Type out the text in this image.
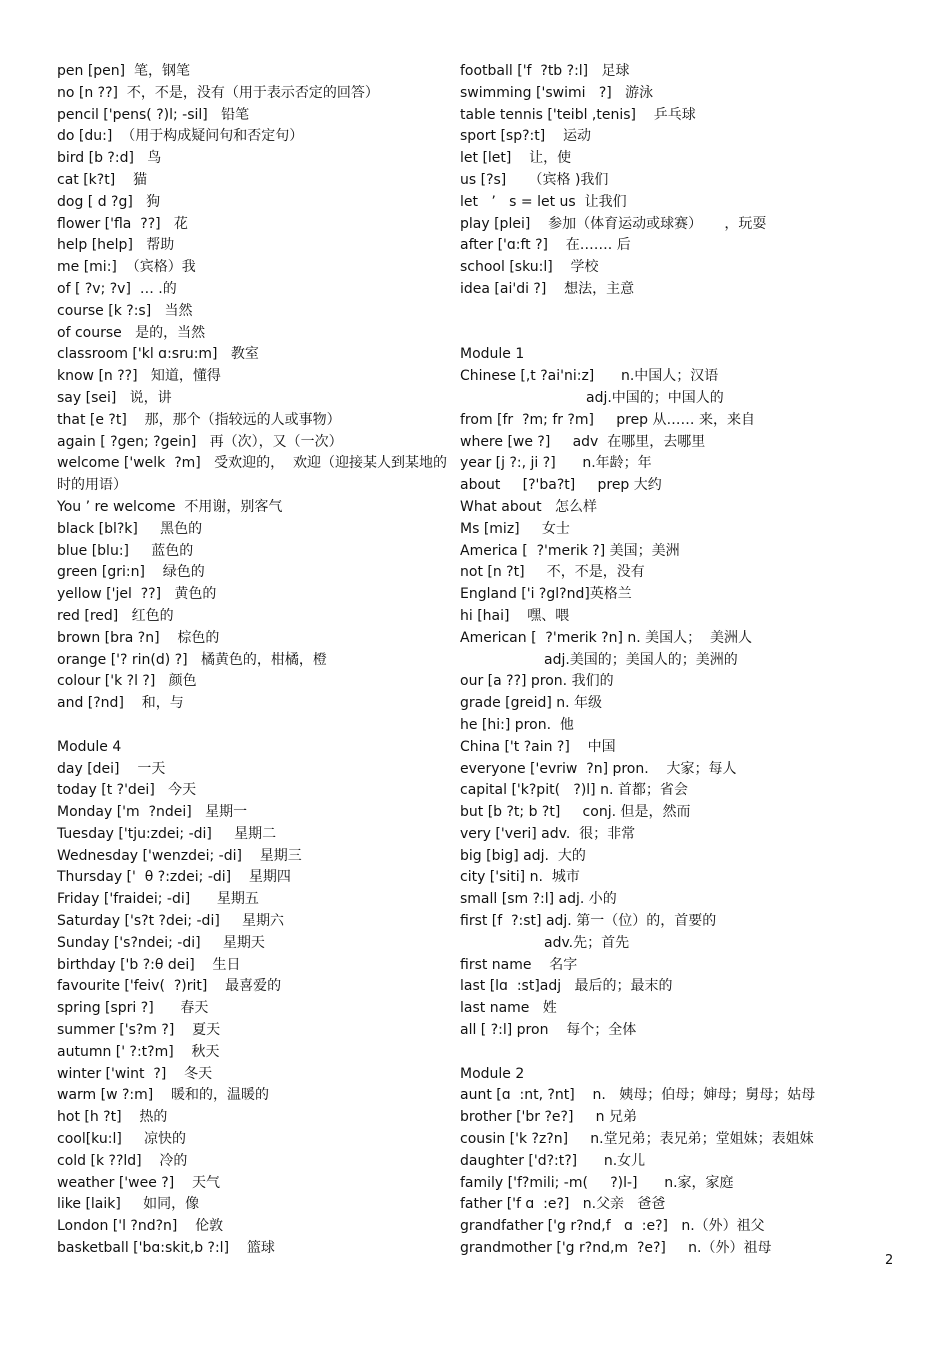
pen [pen]  笔，钢笔
no [n ??]  不，不是，没有（用于表示否定的回答）
pencil ['pens( ?)l; -sil]   铅笔
do [du:]  （用于构成疑问句和否定句）
bird [b ?:d]   鸟
cat [k?t]    猫
dog [ d ?g]   狗
flower ['fla  ??]   花
help [help]   帮助
me [mi:]  （宾格）我
of [ ?v; ?v]  … .的
course [k ?:s]   当然
of course   是的，当然
classroom ['kl ɑ:sru:m]   教室
know [n ??]   知道，懂得
say [sei]   说，讲
that [e ?t]    那，那个（指较远的人或事物）
again [ ?gen; ?gein]   再（次），又（一次）
welcome ['welk  ?m]   受欢迎的，  欢迎（迎接某人到某地的时的用语）
You ’ re welcome  不用谢，别客气
black [bl?k]     黑色的
blue [blu:]     蓝色的
green [gri:n]    绿色的
yellow ['jel  ??]   黄色的
red [red]   红色的
brown [bra ?n]    棕色的
orange ['? rin(d) ?]   橘黄色的，柑橘，橙
colour ['k ?l ?]   颜色
and [?nd]    和，与
Module 4
day [dei]    一天
today [t ?'dei]   今天
Monday ['m  ?ndei]   星期一
Tuesday ['tju:zdei; -di]     星期二
Wednesday ['wenzdei; -di]    星期三
Thursday ['  θ ?:zdei; -di]    星期四
Friday ['fraidei; -di]      星期五
Saturday ['s?t ?dei; -di]     星期六
Sunday ['s?ndei; -di]     星期天
birthday ['b ?:θ dei]    生日
favourite ['feiv(  ?)rit]    最喜爱的
spring [spri ?]      春天
summer ['s?m ?]    夏天
autumn [' ?:t?m]    秋天
winter ['wint  ?]    冬天
warm [w ?:m]    暖和的，温暖的
hot [h ?t]    热的
cool[ku:l]     凉快的
cold [k ??ld]    冷的
weather ['wee ?]    天气
like [laik]     如同，像
London ['l ?nd?n]    伦敦
basketball ['bɑ:skit,b ?:l]    篮球
football ['f  ?tb ?:l]   足球
swimming ['swimi   ?]   游泳
table tennis ['teibl ,tenis]    乒乓球
sport [sp?:t]    运动
let [let]    让，使
us [?s]     （宾格 )我们
let   ’   s = let us  让我们
play [plei]    参加（体育运动或球赛）     ，玩耍
after ['ɑ:ft ?]    在……. 后
school [sku:l]    学校
idea [ai'di ?]    想法，主意
Module 1
Chinese [,t ?ai'ni:z]      n.中国人；汉语
adj.中国的；中国人的
from [fr  ?m; fr ?m]     prep 从…… 来，来自
where [we ?]     adv  在哪里，去哪里
year [j ?:, ji ?]      n.年龄；年
about     [?'ba?t]     prep 大约
What about   怎么样
Ms [miz]     女士
America [  ?'merik ?] 美国；美洲
not [n ?t]     不，不是，没有
England ['i ?gl?nd]英格兰
hi [hai]    嘿、喂
American [  ?'merik ?n] n. 美国人；  美洲人
adj.美国的；美国人的；美洲的
our [a ??] pron. 我们的
grade [greid] n. 年级
he [hi:] pron.  他
China ['t ?ain ?]    中国
everyone ['evriw  ?n] pron.    大家；每人
capital ['k?pit(   ?)l] n. 首都；省会
but [b ?t; b ?t]     conj. 但是，然而
very ['veri] adv.  很；非常
big [big] adj.  大的
city ['siti] n.  城市
small [sm ?:l] adj. 小的
first [f  ?:st] adj. 第一（位）的，首要的
adv.先；首先
first name    名字
last [lɑ  :st]adj   最后的；最末的
last name   姓
all [ ?:l] pron    每个；全体
Module 2
aunt [ɑ  :nt, ?nt]    n.   姨母；伯母；婶母；舅母；姑母
brother ['br ?e?]     n 兄弟
cousin ['k ?z?n]     n.堂兄弟；表兄弟；堂姐妹；表姐妹
daughter ['d?:t?]      n.女儿
family ['f?mili; -m(     ?)l-]      n.家，家庭
father ['f ɑ  :e?]   n.父亲   爸爸
grandfather ['g r?nd,f   ɑ  :e?]   n.（外）祖父
grandmother ['g r?nd,m  ?e?]     n.（外）祖母
2
